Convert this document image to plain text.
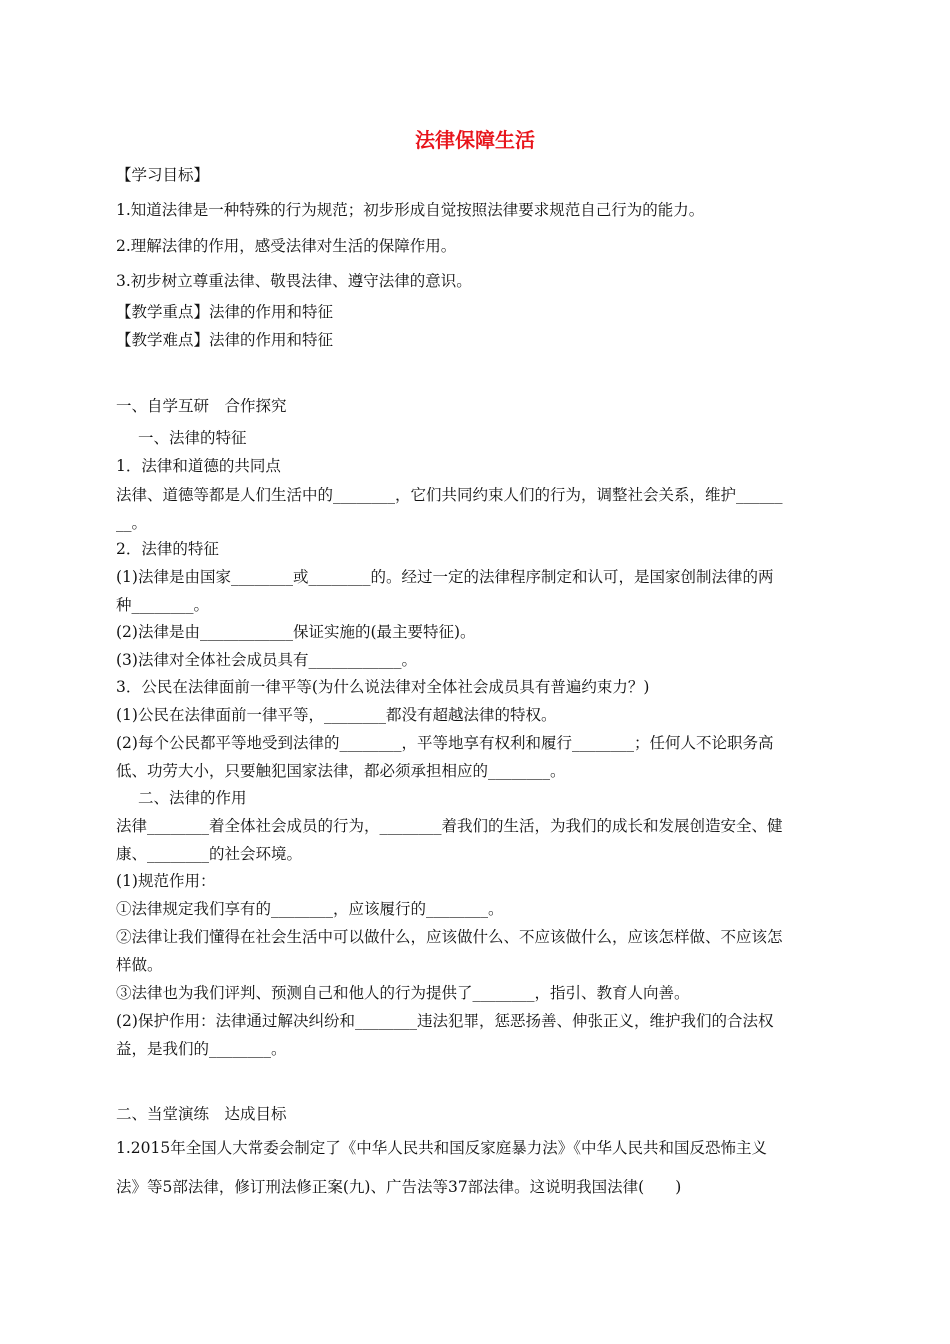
法律保障生活
【学习目标】
1.知道法律是一种特殊的行为规范；初步形成自觉按照法律要求规范自己行为的能力。
2.理解法律的作用，感受法律对生活的保障作用。
3.初步树立尊重法律、敬畏法律、遵守法律的意识。
【教学重点】法律的作用和特征
【教学难点】法律的作用和特征
一、自学互研　合作探究
一、法律的特征
1．法律和道德的共同点
法律、道德等都是人们生活中的________，它们共同约束人们的行为，调整社会关系，维护______
__。
2．法律的特征
(1)法律是由国家________或________的。经过一定的法律程序制定和认可，是国家创制法律的两
种________。
(2)法律是由____________保证实施的(最主要特征)。
(3)法律对全体社会成员具有____________。
3．公民在法律面前一律平等(为什么说法律对全体社会成员具有普遍约束力？)
(1)公民在法律面前一律平等，________都没有超越法律的特权。
(2)每个公民都平等地受到法律的________，平等地享有权利和履行________；任何人不论职务高
低、功劳大小，只要触犯国家法律，都必须承担相应的________。
二、法律的作用
法律________着全体社会成员的行为，________着我们的生活，为我们的成长和发展创造安全、健
康、________的社会环境。
(1)规范作用：
①法律规定我们享有的________，应该履行的________。
②法律让我们懂得在社会生活中可以做什么，应该做什么、不应该做什么，应该怎样做、不应该怎
样做。
③法律也为我们评判、预测自己和他人的行为提供了________，指引、教育人向善。
(2)保护作用：法律通过解决纠纷和________违法犯罪，惩恶扬善、伸张正义，维护我们的合法权
益，是我们的________。
二、当堂演练　达成目标
1.2015年全国人大常委会制定了《中华人民共和国反家庭暴力法》《中华人民共和国反恐怖主义
法》等5部法律，修订刑法修正案(九)、广告法等37部法律。这说明我国法律(　　)
